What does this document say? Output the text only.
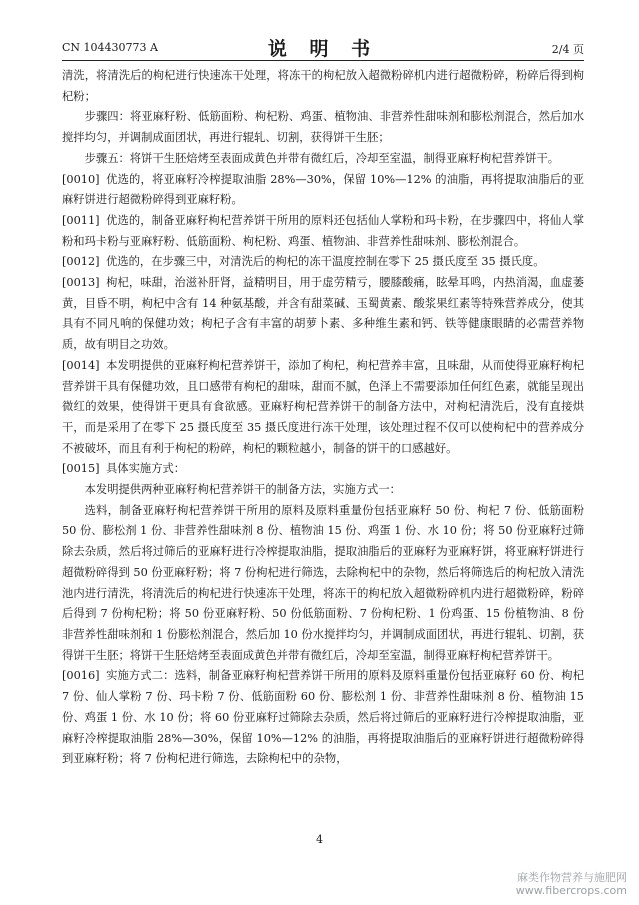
CN 104430773 A	说 明 书	2/4 页

清洗，将清洗后的枸杞进行快速冻干处理，将冻干的枸杞放入超微粉碎机内进行超微粉碎，粉碎后得到枸杞粉；

步骤四：将亚麻籽粉、低筋面粉、枸杞粉、鸡蛋、植物油、非营养性甜味剂和膨松剂混合，然后加水搅拌均匀，并调制成面团状，再进行辊轧、切割，获得饼干生胚；

步骤五：将饼干生胚焙烤至表面成黄色并带有微红后，冷却至室温，制得亚麻籽枸杞营养饼干。

[0010] 优选的，将亚麻籽冷榨提取油脂 28%—30%，保留 10%—12% 的油脂，再将提取油脂后的亚麻籽饼进行超微粉碎得到亚麻籽粉。

[0011] 优选的，制备亚麻籽枸杞营养饼干所用的原料还包括仙人掌粉和玛卡粉，在步骤四中，将仙人掌粉和玛卡粉与亚麻籽粉、低筋面粉、枸杞粉、鸡蛋、植物油、非营养性甜味剂、膨松剂混合。

[0012] 优选的，在步骤三中，对清洗后的枸杞的冻干温度控制在零下 25 摄氏度至 35 摄氏度。

[0013] 枸杞，味甜，治滋补肝肾，益精明目，用于虚劳精亏，腰膝酸痛，眩晕耳鸣，内热消渴，血虚萎黄，目昏不明，枸杞中含有 14 种氨基酸，并含有甜菜碱、玉蜀黄素、酸浆果红素等特殊营养成分，使其具有不同凡响的保健功效；枸杞子含有丰富的胡萝卜素、多种维生素和钙、铁等健康眼睛的必需营养物质，故有明目之功效。

[0014] 本发明提供的亚麻籽枸杞营养饼干，添加了枸杞，枸杞营养丰富，且味甜，从而使得亚麻籽枸杞营养饼干具有保健功效，且口感带有枸杞的甜味，甜而不腻，色泽上不需要添加任何红色素，就能呈现出微红的效果，使得饼干更具有食欲感。亚麻籽枸杞营养饼干的制备方法中，对枸杞清洗后，没有直接烘干，而是采用了在零下 25 摄氏度至 35 摄氏度进行冻干处理，该处理过程不仅可以使枸杞中的营养成分不被破坏，而且有利于枸杞的粉碎，枸杞的颗粒越小，制备的饼干的口感越好。

[0015] 具体实施方式：

本发明提供两种亚麻籽枸杞营养饼干的制备方法，实施方式一：

选料，制备亚麻籽枸杞营养饼干所用的原料及原料重量份包括亚麻籽 50 份、枸杞 7 份、低筋面粉 50 份、膨松剂 1 份、非营养性甜味剂 8 份、植物油 15 份、鸡蛋 1 份、水 10 份；将 50 份亚麻籽过筛除去杂质，然后将过筛后的亚麻籽进行冷榨提取油脂，提取油脂后的亚麻籽为亚麻籽饼，将亚麻籽饼进行超微粉碎得到 50 份亚麻籽粉；将 7 份枸杞进行筛选，去除枸杞中的杂物，然后将筛选后的枸杞放入清洗池内进行清洗，将清洗后的枸杞进行快速冻干处理，将冻干的枸杞放入超微粉碎机内进行超微粉碎，粉碎后得到 7 份枸杞粉；将 50 份亚麻籽粉、50 份低筋面粉、7 份枸杞粉、1 份鸡蛋、15 份植物油、8 份非营养性甜味剂和 1 份膨松剂混合，然后加 10 份水搅拌均匀，并调制成面团状，再进行辊轧、切割，获得饼干生胚；将饼干生胚焙烤至表面成黄色并带有微红后，冷却至室温，制得亚麻籽枸杞营养饼干。

[0016] 实施方式二：选料，制备亚麻籽枸杞营养饼干所用的原料及原料重量份包括亚麻籽 60 份、枸杞 7 份、仙人掌粉 7 份、玛卡粉 7 份、低筋面粉 60 份、膨松剂 1 份、非营养性甜味剂 8 份、植物油 15 份、鸡蛋 1 份、水 10 份；将 60 份亚麻籽过筛除去杂质，然后将过筛后的亚麻籽进行冷榨提取油脂，亚麻籽冷榨提取油脂 28%—30%，保留 10%—12% 的油脂，再将提取油脂后的亚麻籽饼进行超微粉碎得到亚麻籽粉；将 7 份枸杞进行筛选，去除枸杞中的杂物，

4
麻类作物营养与施肥网
www.fibercrops.com
